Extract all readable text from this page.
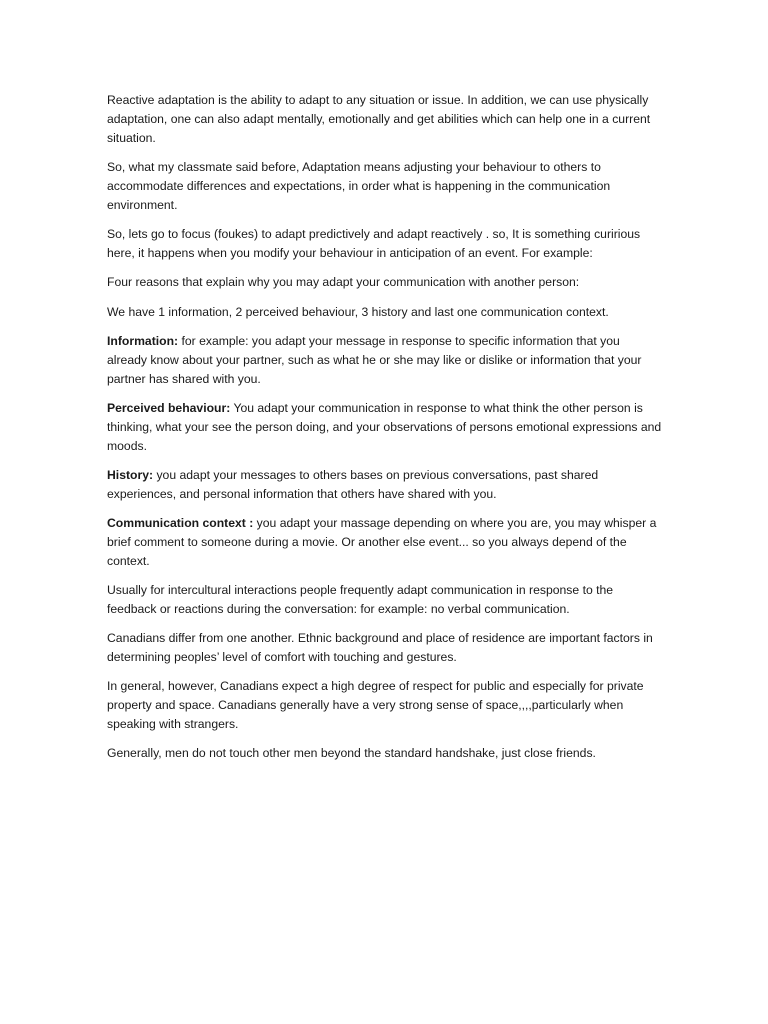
Reactive adaptation is the ability to adapt to any situation or issue. In addition, we can use physically adaptation, one can also adapt mentally, emotionally and get abilities which can help one in a current situation.

So, what my classmate said before, Adaptation means adjusting your behaviour to others to accommodate differences and expectations, in order what is happening in the communication environment.

So, lets go to focus (foukes) to adapt predictively and adapt reactively . so, It is something curirious here, it happens when you modify your behaviour in anticipation of an event. For example:

Four reasons that explain why you may adapt your communication with another person:

We have 1 information, 2 perceived behaviour, 3 history and last one communication context.

Information: for example: you adapt your message in response to specific information that you already know about your partner, such as what he or she may like or dislike or information that your partner has shared with you.

Perceived behaviour: You adapt your communication in response to what think the other person is thinking, what your see the person doing, and your observations of persons emotional expressions and moods.

History: you adapt your messages to others bases on previous conversations, past shared experiences, and personal information that others have shared with you.

Communication context : you adapt your massage depending on where you are, you may whisper a brief comment to someone during a movie. Or another else event... so you always depend of the context.

Usually for intercultural interactions people frequently adapt communication in response to the feedback or reactions during the conversation: for example: no verbal communication.

Canadians differ from one another. Ethnic background and place of residence are important factors in determining peoples’ level of comfort with touching and gestures.

In general, however, Canadians expect a high degree of respect for public and especially for private property and space. Canadians generally have a very strong sense of space,,,,particularly when speaking with strangers.

Generally, men do not touch other men beyond the standard handshake, just close friends.
